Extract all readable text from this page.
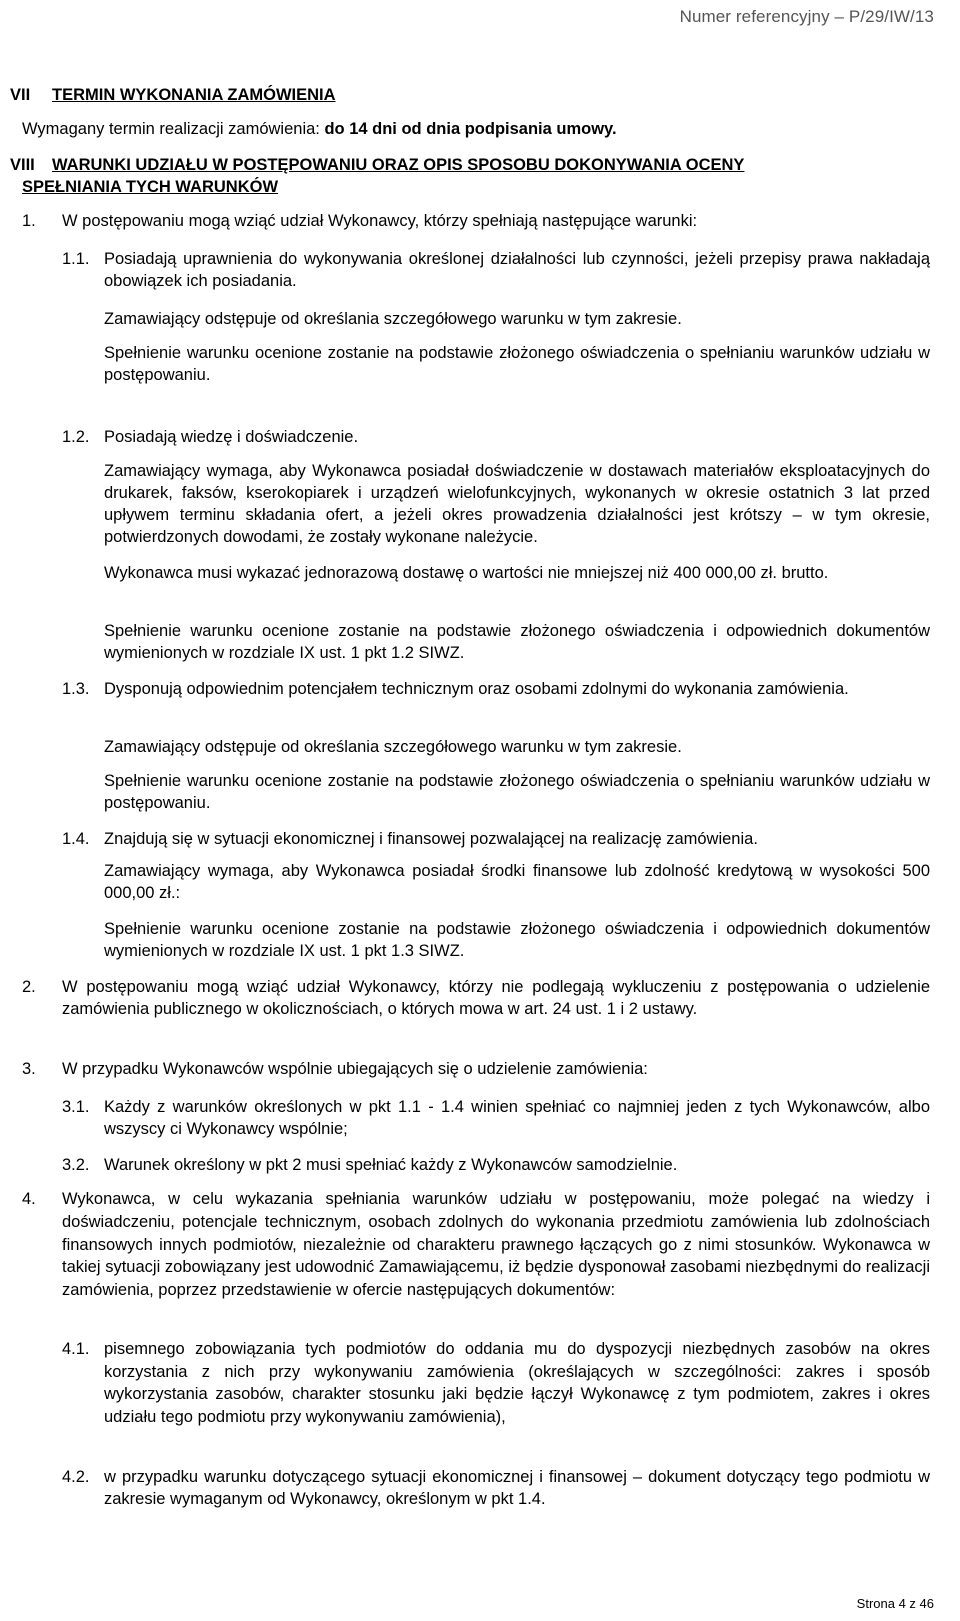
Numer referencyjny – P/29/IW/13
VII TERMIN WYKONANIA ZAMÓWIENIA
Wymagany termin realizacji zamówienia: do 14 dni od dnia podpisania umowy.
VIII WARUNKI UDZIAŁU W POSTĘPOWANIU ORAZ OPIS SPOSOBU DOKONYWANIA OCENY
SPEŁNIANIA TYCH WARUNKÓW
1. W postępowaniu mogą wziąć udział Wykonawcy, którzy spełniają następujące warunki:
1.1. Posiadają uprawnienia do wykonywania określonej działalności lub czynności, jeżeli przepisy prawa nakładają obowiązek ich posiadania.
Zamawiający odstępuje od określania szczegółowego warunku w tym zakresie.
Spełnienie warunku ocenione zostanie na podstawie złożonego oświadczenia o spełnianiu warunków udziału w postępowaniu.
1.2. Posiadają wiedzę i doświadczenie.
Zamawiający wymaga, aby Wykonawca posiadał doświadczenie w dostawach materiałów eksploatacyjnych do drukarek, faksów, kserokopiarek i urządzeń wielofunkcyjnych, wykonanych w okresie ostatnich 3 lat przed upływem terminu składania ofert, a jeżeli okres prowadzenia działalności jest krótszy – w tym okresie, potwierdzonych dowodami, że zostały wykonane należycie.
Wykonawca musi wykazać jednorazową dostawę o wartości nie mniejszej niż 400 000,00 zł. brutto.
Spełnienie warunku ocenione zostanie na podstawie złożonego oświadczenia i odpowiednich dokumentów wymienionych w rozdziale IX ust. 1 pkt 1.2 SIWZ.
1.3. Dysponują odpowiednim potencjałem technicznym oraz osobami zdolnymi do wykonania zamówienia.
Zamawiający odstępuje od określania szczegółowego warunku w tym zakresie.
Spełnienie warunku ocenione zostanie na podstawie złożonego oświadczenia o spełnianiu warunków udziału w postępowaniu.
1.4. Znajdują się w sytuacji ekonomicznej i finansowej pozwalającej na realizację zamówienia.
Zamawiający wymaga, aby Wykonawca posiadał środki finansowe lub zdolność kredytową w wysokości 500 000,00 zł.:
Spełnienie warunku ocenione zostanie na podstawie złożonego oświadczenia i odpowiednich dokumentów wymienionych w rozdziale IX ust. 1 pkt 1.3 SIWZ.
2. W postępowaniu mogą wziąć udział Wykonawcy, którzy nie podlegają wykluczeniu z postępowania o udzielenie zamówienia publicznego w okolicznościach, o których mowa w art. 24 ust. 1 i 2 ustawy.
3. W przypadku Wykonawców wspólnie ubiegających się o udzielenie zamówienia:
3.1. Każdy z warunków określonych w pkt 1.1 - 1.4 winien spełniać co najmniej jeden z tych Wykonawców, albo wszyscy ci Wykonawcy wspólnie;
3.2. Warunek określony w pkt 2 musi spełniać każdy z Wykonawców samodzielnie.
4. Wykonawca, w celu wykazania spełniania warunków udziału w postępowaniu, może polegać na wiedzy i doświadczeniu, potencjale technicznym, osobach zdolnych do wykonania przedmiotu zamówienia lub zdolnościach finansowych innych podmiotów, niezależnie od charakteru prawnego łączących go z nimi stosunków. Wykonawca w takiej sytuacji zobowiązany jest udowodnić Zamawiającemu, iż będzie dysponował zasobami niezbędnymi do realizacji zamówienia, poprzez przedstawienie w ofercie następujących dokumentów:
4.1. pisemnego zobowiązania tych podmiotów do oddania mu do dyspozycji niezbędnych zasobów na okres korzystania z nich przy wykonywaniu zamówienia (określających w szczególności: zakres i sposób wykorzystania zasobów, charakter stosunku jaki będzie łączył Wykonawcę z tym podmiotem, zakres i okres udziału tego podmiotu przy wykonywaniu zamówienia),
4.2. w przypadku warunku dotyczącego sytuacji ekonomicznej i finansowej – dokument dotyczący tego podmiotu w zakresie wymaganym od Wykonawcy, określonym w pkt 1.4.
Strona 4 z 46
